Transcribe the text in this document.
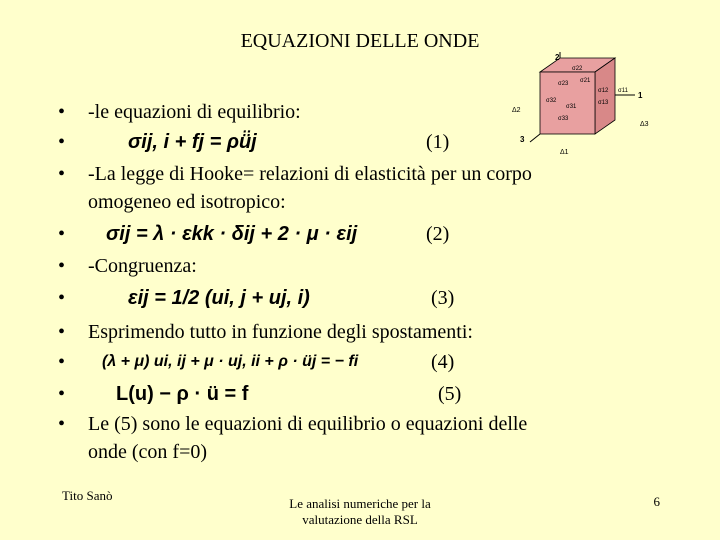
EQUAZIONI DELLE ONDE
2
3
1
σ22
σ21
σ23
σ12 σ11
σ13
σ32
σ31
σ33
Δ2
Δ1
Δ3
• -le equazioni di equilibrio:
•	σij, i + fj = ρü̈j	(1)
• -La legge di Hooke= relazioni di elasticità per un corpo
omogeneo ed isotropico:
• σij = λ · εkk · δij + 2 · μ · εij	(2)
• -Congruenza:
•	εij = 1/2 (ui, j + uj, i)	(3)
• Esprimendo tutto in funzione degli spostamenti:
•	(λ + μ) ui, ij + μ · uj, ii + ρ · üj = − fi	(4)
•	L(u) − ρ · ü = f	(5)
• Le (5) sono le equazioni di equilibrio o equazioni delle
onde (con f=0)
Tito Sanò
Le analisi numeriche per la
valutazione della RSL
6
